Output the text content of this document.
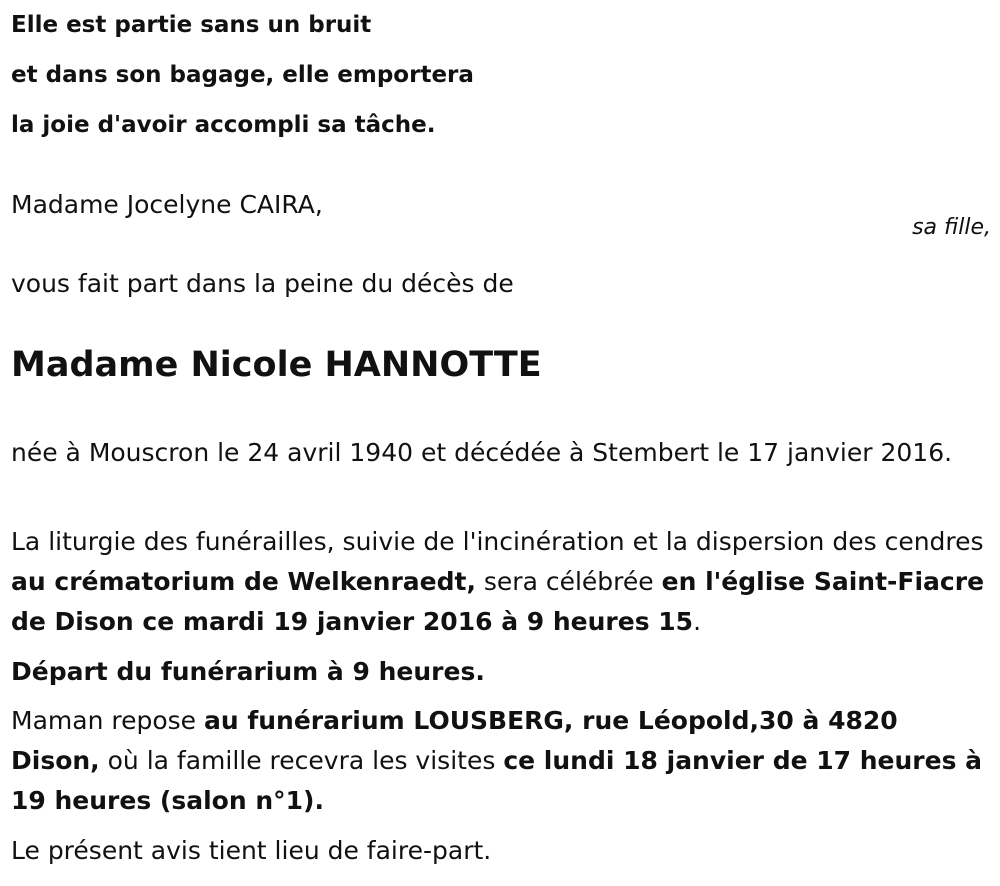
Elle est partie sans un bruit
et dans son bagage, elle emportera
la joie d'avoir accompli sa tâche.
Madame Jocelyne CAIRA,
sa fille,
vous fait part dans la peine du décès de
Madame Nicole HANNOTTE
née à Mouscron le 24 avril 1940 et décédée à Stembert le 17 janvier 2016.
La liturgie des funérailles, suivie de l'incinération et la dispersion des cendres au crématorium de Welkenraedt, sera célébrée en l'église Saint-Fiacre de Dison ce mardi 19 janvier 2016 à 9 heures 15.
Départ du funérarium à 9 heures.
Maman repose au funérarium LOUSBERG, rue Léopold,30 à 4820 Dison, où la famille recevra les visites ce lundi 18 janvier de 17 heures à 19 heures (salon n°1).
Le présent avis tient lieu de faire-part.
